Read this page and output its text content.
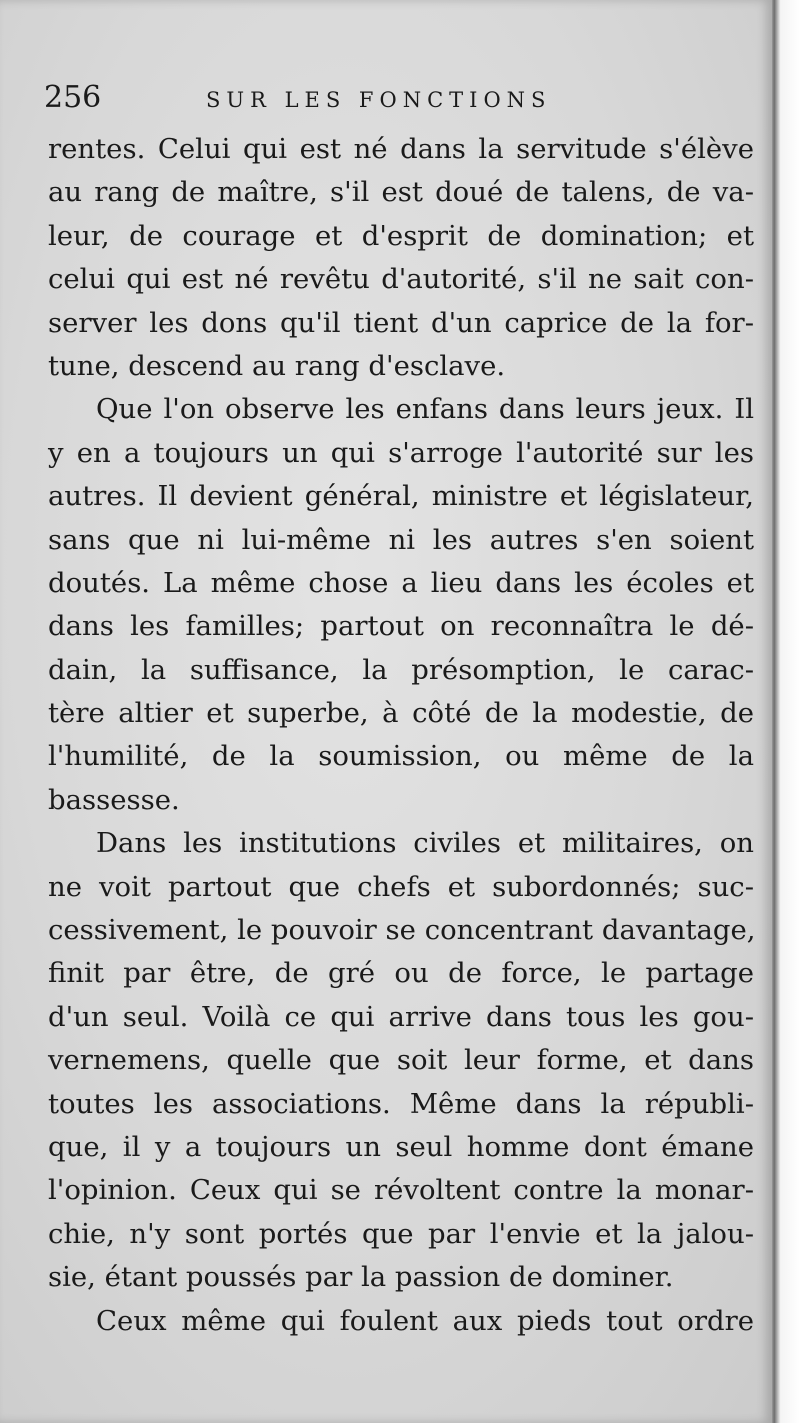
256	SUR LES FONCTIONS
rentes. Celui qui est né dans la servitude s'élève
au rang de maître, s'il est doué de talens, de va-
leur, de courage et d'esprit de domination; et
celui qui est né revêtu d'autorité, s'il ne sait con-
server les dons qu'il tient d'un caprice de la for-
tune, descend au rang d'esclave.
Que l'on observe les enfans dans leurs jeux. Il
y en a toujours un qui s'arroge l'autorité sur les
autres. Il devient général, ministre et législateur,
sans que ni lui-même ni les autres s'en soient
doutés. La même chose a lieu dans les écoles et
dans les familles; partout on reconnaîtra le dé-
dain, la suffisance, la présomption, le carac-
tère altier et superbe, à côté de la modestie, de
l'humilité, de la soumission, ou même de la
bassesse.
Dans les institutions civiles et militaires, on
ne voit partout que chefs et subordonnés; suc-
cessivement, le pouvoir se concentrant davantage,
finit par être, de gré ou de force, le partage
d'un seul. Voilà ce qui arrive dans tous les gou-
vernemens, quelle que soit leur forme, et dans
toutes les associations. Même dans la républi-
que, il y a toujours un seul homme dont émane
l'opinion. Ceux qui se révoltent contre la monar-
chie, n'y sont portés que par l'envie et la jalou-
sie, étant poussés par la passion de dominer.
Ceux même qui foulent aux pieds tout ordre
